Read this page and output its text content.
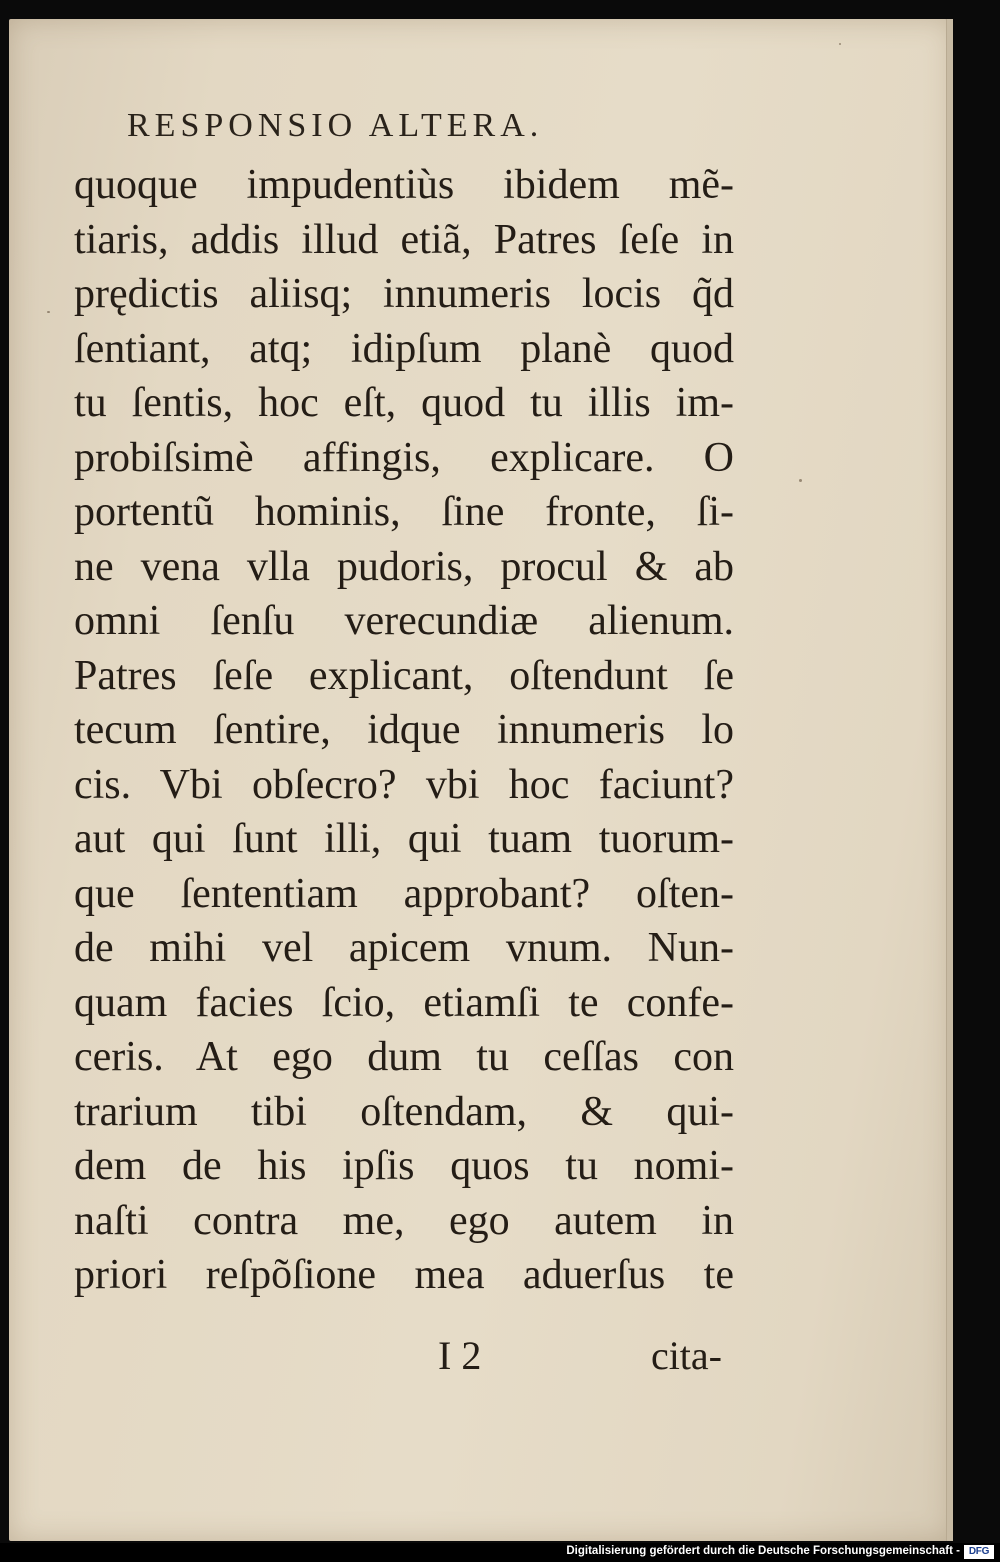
RESPONSIO ALTERA.
quoque impudentiùs ibidem mẽ-
tiaris, addis illud etiã, Patres ſeſe in
prędictis aliisq; innumeris locis q̃d
ſentiant, atq; idipſum planè quod
tu ſentis, hoc eſt, quod tu illis im-
probiſsimè affingis, explicare. O
portentũ hominis, ſine fronte, ſi-
ne vena vlla pudoris, procul & ab
omni ſenſu verecundiæ alienum.
Patres ſeſe explicant, oſtendunt ſe
tecum ſentire, idque innumeris lo
cis. Vbi obſecro? vbi hoc faciunt?
aut qui ſunt illi, qui tuam tuorum-
que ſententiam approbant? oſten-
de mihi vel apicem vnum. Nun-
quam facies ſcio, etiamſi te confe-
ceris. At ego dum tu ceſſas con
trarium tibi oſtendam, & qui-
dem de his ipſis quos tu nomi-
naſti contra me, ego autem in
priori reſpõſione mea aduerſus te
I 2	cita-
Digitalisierung gefördert durch die Deutsche Forschungsgemeinschaft - DFG
